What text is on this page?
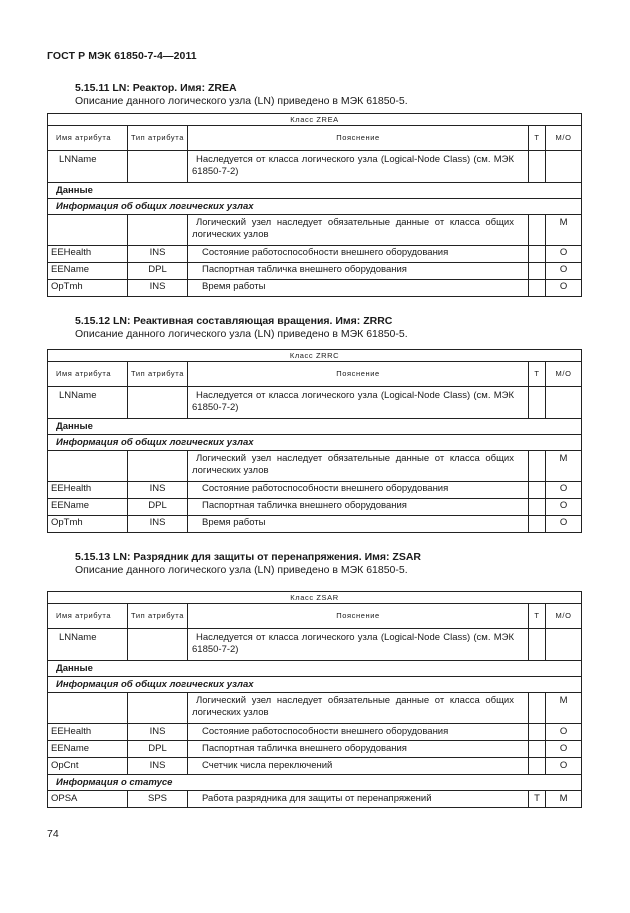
ГОСТ Р МЭК 61850-7-4—2011
5.15.11 LN: Реактор. Имя: ZREA
Описание данного логического узла (LN) приведено в МЭК 61850-5.
Класс ZREA				
Имя атрибута	Тип атрибута	Пояснение	Т	М/О
LNName		Наследуется от класса логического узла (Logical-Node Class) (см. МЭК 61850-7-2)		
Данные				
Информация об общих логических узлах				
		Логический узел наследует обязательные данные от класса общих логических узлов		М
EEHealth	INS	Состояние работоспособности внешнего оборудования		О
EEName	DPL	Паспортная табличка внешнего оборудования		О
OpTmh	INS	Время работы		О
5.15.12 LN: Реактивная составляющая вращения. Имя: ZRRC
Описание данного логического узла (LN) приведено в МЭК 61850-5.
Класс ZRRC				
Имя атрибута	Тип атрибута	Пояснение	Т	М/О
LNName		Наследуется от класса логического узла (Logical-Node Class) (см. МЭК 61850-7-2)		
Данные				
Информация об общих логических узлах				
		Логический узел наследует обязательные данные от класса общих логических узлов		М
EEHealth	INS	Состояние работоспособности внешнего оборудования		О
EEName	DPL	Паспортная табличка внешнего оборудования		О
OpTmh	INS	Время работы		О
5.15.13 LN: Разрядник для защиты от перенапряжения. Имя: ZSAR
Описание данного логического узла (LN) приведено в МЭК 61850-5.
Класс ZSAR				
Имя атрибута	Тип атрибута	Пояснение	Т	М/О
LNName		Наследуется от класса логического узла (Logical-Node Class) (см. МЭК 61850-7-2)		
Данные				
Информация об общих логических узлах				
		Логический узел наследует обязательные данные от класса общих логических узлов		М
EEHealth	INS	Состояние работоспособности внешнего оборудования		О
EEName	DPL	Паспортная табличка внешнего оборудования		О
OpCnt	INS	Счетчик числа переключений		О
Информация о статусе				
OPSA	SPS	Работа разрядника для защиты от перенапряжений	Т	М
74
